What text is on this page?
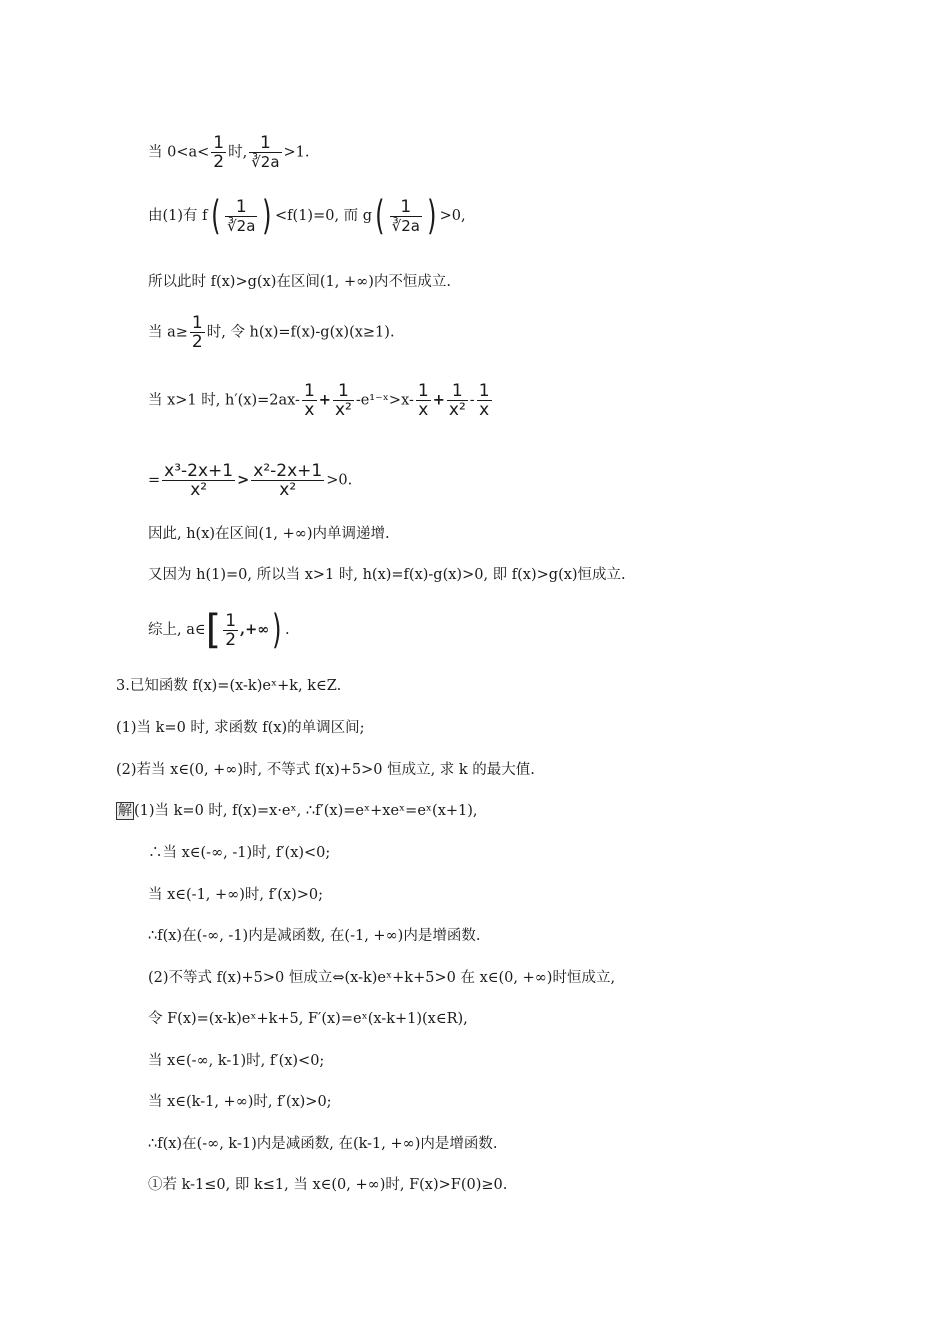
当 $0<a< \frac{1}{2}$ 时, $\frac{1}{∛2a} >1$.
由(1)有 $f( \frac{1}{∛2a}$ ) <f(1)=0, 而 $g( \frac{1}{∛2a}$ ) >0,
所以此时 f(x)>g(x)在区间(1, +∞)内不恒成立.
当 $a\ge \frac{1}{2}$ 时, 令 h(x)=f(x)-g(x)(x≥1).
当 x>1 时, $h'(x)=2ax- \frac{1}{x} + \frac{1}{\text{x²}}$ -e¹⁻ˣ>x- $\frac{1}{x} + \frac{1}{\text{x²}} - \frac{1}{x}$
= $\frac{\text{x³-2x+1}}{\text{x²}} > \frac{\text{x²-2x+1}}{\text{x²}} >0$.
因此, h(x)在区间(1, +∞)内单调递增.
又因为 h(1)=0, 所以当 x>1 时, h(x)=f(x)-g(x)>0, 即 f(x)>g(x)恒成立.
综上, a∈[ $\frac{1}{2}$ ,+∞) .
3.已知函数 f(x)=(x-k)eˣ+k, k∈Z.
(1)当 k=0 时, 求函数 f(x)的单调区间;
(2)若当 x∈(0, +∞)时, 不等式 f(x)+5>0 恒成立, 求 k 的最大值.
解 (1)当 k=0 时, f(x)=x·eˣ, ∴f′(x)=eˣ+xeˣ=eˣ(x+1),
∴当 x∈(-∞, -1)时, f′(x)<0;
当 x∈(-1, +∞)时, f′(x)>0;
∴f(x)在(-∞, -1)内是减函数, 在(-1, +∞)内是增函数.
(2)不等式 f(x)+5>0 恒成立⇔(x-k)eˣ+k+5>0 在 x∈(0, +∞)时恒成立,
令 F(x)=(x-k)eˣ+k+5, F′(x)=eˣ(x-k+1)(x∈R),
当 x∈(-∞, k-1)时, f′(x)<0;
当 x∈(k-1, +∞)时, f′(x)>0;
∴f(x)在(-∞, k-1)内是减函数, 在(k-1, +∞)内是增函数.
①若 k-1≤0, 即 k≤1, 当 x∈(0, +∞)时, F(x)>F(0)≥0.
